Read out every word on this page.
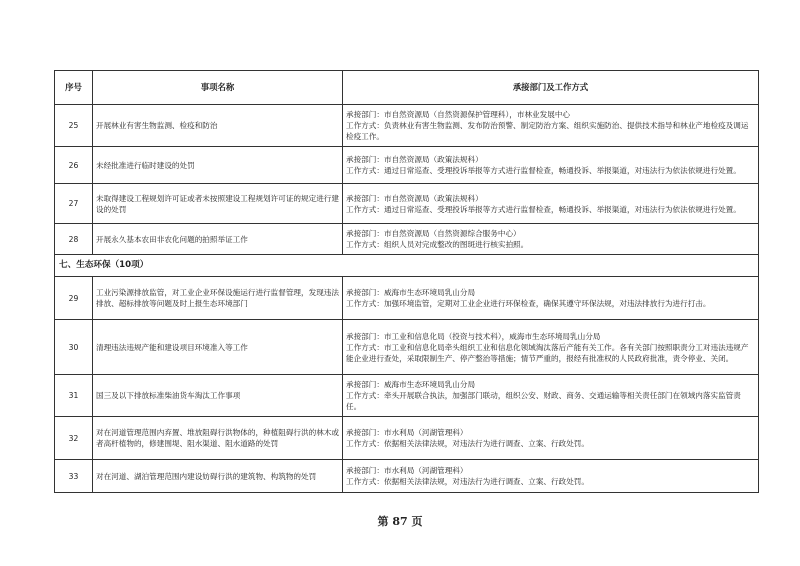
序号	事项名称	承接部门及工作方式
25	开展林业有害生物监测、检疫和防治	承接部门：市自然资源局（自然资源保护管理科），市林业发展中心
工作方式：负责林业有害生物监测、发布防治预警、制定防治方案、组织实施防治、提供技术指导和林业产地检疫及调运检疫工作。

26	未经批准进行临时建设的处罚	承接部门：市自然资源局（政策法规科）
工作方式：通过日常巡查、受理投诉举报等方式进行监督检查，畅通投诉、举报渠道，对违法行为依法依规进行处置。

27	未取得建设工程规划许可证或者未按照建设工程规划许可证的规定进行建设的处罚	承接部门：市自然资源局（政策法规科）
工作方式：通过日常巡查、受理投诉举报等方式进行监督检查，畅通投诉、举报渠道，对违法行为依法依规进行处置。

28	开展永久基本农田非农化问题的拍照举证工作	承接部门：市自然资源局（自然资源综合服务中心）
工作方式：组织人员对完成整改的图斑进行核实拍照。

七、生态环保（10项）		
29	工业污染源排放监管，对工业企业环保设施运行进行监督管理，发现违法排放、超标排放等问题及时上报生态环境部门	承接部门：威海市生态环境局乳山分局
工作方式：加强环境监管，定期对工业企业进行环保检查，确保其遵守环保法规，对违法排放行为进行打击。

30	清理违法违规产能和建设项目环境准入等工作	承接部门：市工业和信息化局（投资与技术科），威海市生态环境局乳山分局
工作方式：市工业和信息化局牵头组织工业和信息化领域淘汰落后产能有关工作。各有关部门按照职责分工对违法违规产能企业进行查处，采取限制生产、停产整治等措施；情节严重的，报经有批准权的人民政府批准，责令停业、关闭。

31	国三及以下排放标准柴油货车淘汰工作事项	承接部门：威海市生态环境局乳山分局
工作方式：牵头开展联合执法，加强部门联动，组织公安、财政、商务、交通运输等相关责任部门在领域内落实监管责任。

32	对在河道管理范围内弃置、堆放阻碍行洪物体的，种植阻碍行洪的林木或者高杆植物的，修建围堤、阻水渠道、阻水道路的处罚	承接部门：市水利局（河湖管理科）
工作方式：依据相关法律法规，对违法行为进行调查、立案、行政处罚。

33	对在河道、湖泊管理范围内建设妨碍行洪的建筑物、构筑物的处罚	承接部门：市水利局（河湖管理科）
工作方式：依据相关法律法规，对违法行为进行调查、立案、行政处罚。
第 87 页
